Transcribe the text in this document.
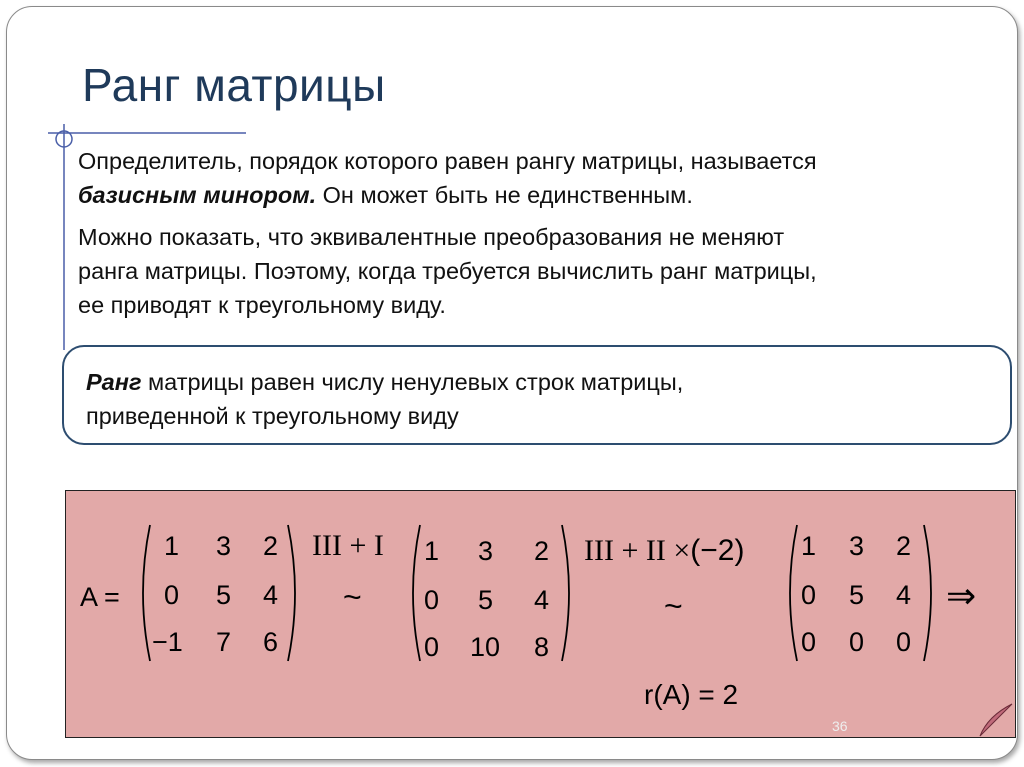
Ранг матрицы
Определитель, порядок которого равен рангу матрицы, называется
базисным минором. Он может быть не единственным.
Можно показать, что эквивалентные преобразования не меняют
ранга матрицы. Поэтому, когда требуется вычислить ранг матрицы,
ее приводят к треугольному виду.
Ранг матрицы равен числу ненулевых строк матрицы,
приведенной к треугольному виду
A =
1 3 2
0 5 4
−1 7 6
III + I
~
1 3 2
0 5 4
0 10 8
III + II ×(−2)
~
1 3 2
0 5 4
0 0 0
⇒
r(A) = 2
36
